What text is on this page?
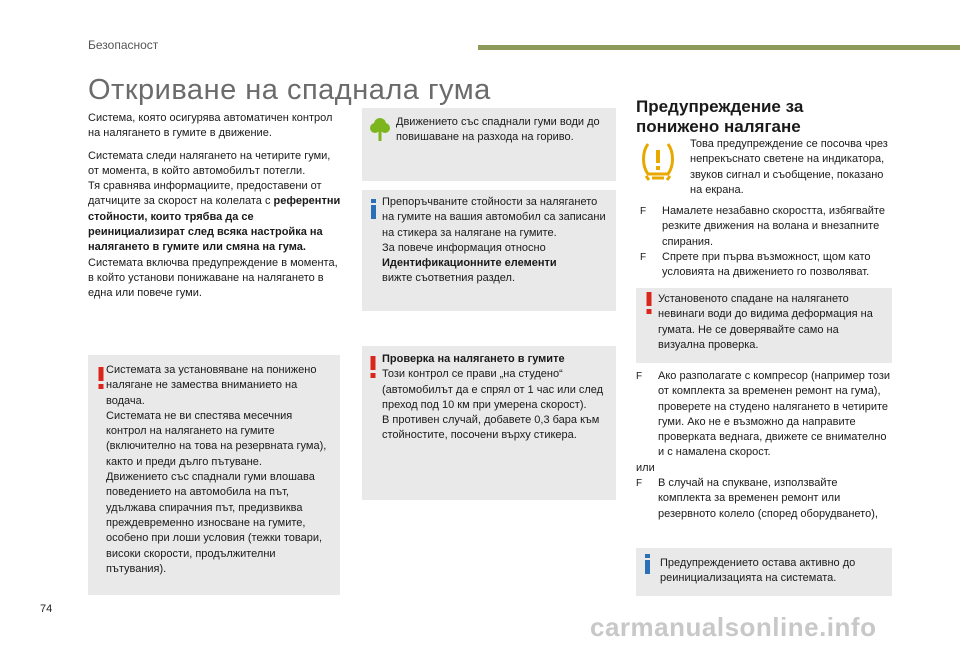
Безопасност
Откриване на спаднала гума

Система, която осигурява автоматичен контрол на налягането в гумите в движение.

Системата следи налягането на четирите гуми, от момента, в който автомобилът потегли.

Тя сравнява информациите, предоставени от датчиците за скорост на колелата с референтни стойности, които трябва да се реинициализират след всяка настройка на налягането в гумите или смяна на гума.

Системата включва предупреждение в момента, в който установи понижаване на налягането в една или повече гуми.

Системата за установяване на понижено налягане не замества вниманието на водача.
Системата не ви спестява месечния контрол на налягането на гумите (включително на това на резервната гума), както и преди дълго пътуване.
Движението със спаднали гуми влошава поведението на автомобила на път, удължава спирачния път, предизвиква преждевременно износване на гумите, особено при лоши условия (тежки товари, високи скорости, продължителни пътувания).
Движението със спаднали гуми води до повишаване на разхода на гориво.
Препоръчваните стойности за налягането на гумите на вашия автомобил са записани на стикера за налягане на гумите.
За повече информация относно
Идентификационните елементи
вижте съответния раздел.
Проверка на налягането в гумите
Този контрол се прави „на студено“ (автомобилът да е спрял от 1 час или след преход под 10 км при умерена скорост).
В противен случай, добавете 0,3 бара към стойностите, посочени върху стикера.
Предупреждение за понижено налягане
Това предупреждение се посочва чрез непрекъснато светене на индикатора, звуков сигнал и съобщение, показано на екрана.
F	Намалете незабавно скоростта, избягвайте резките движения на волана и внезапните спирания.
F	Спрете при първа възможност, щом като условията на движението го позволяват.
Установеното спадане на налягането невинаги води до видима деформация на гумата. Не се доверявайте само на визуална проверка.
F	Ако разполагате с компресор (например този от комплекта за временен ремонт на гума), проверете на студено налягането в четирите гуми. Ако не е възможно да направите проверката веднага, движете се внимателно и с намалена скорост.
или
F	В случай на спукване, използвайте комплекта за временен ремонт или резервното колело (според оборудването),
Предупреждението остава активно до реинициализацията на системата.
74
carmanualsonline.info
